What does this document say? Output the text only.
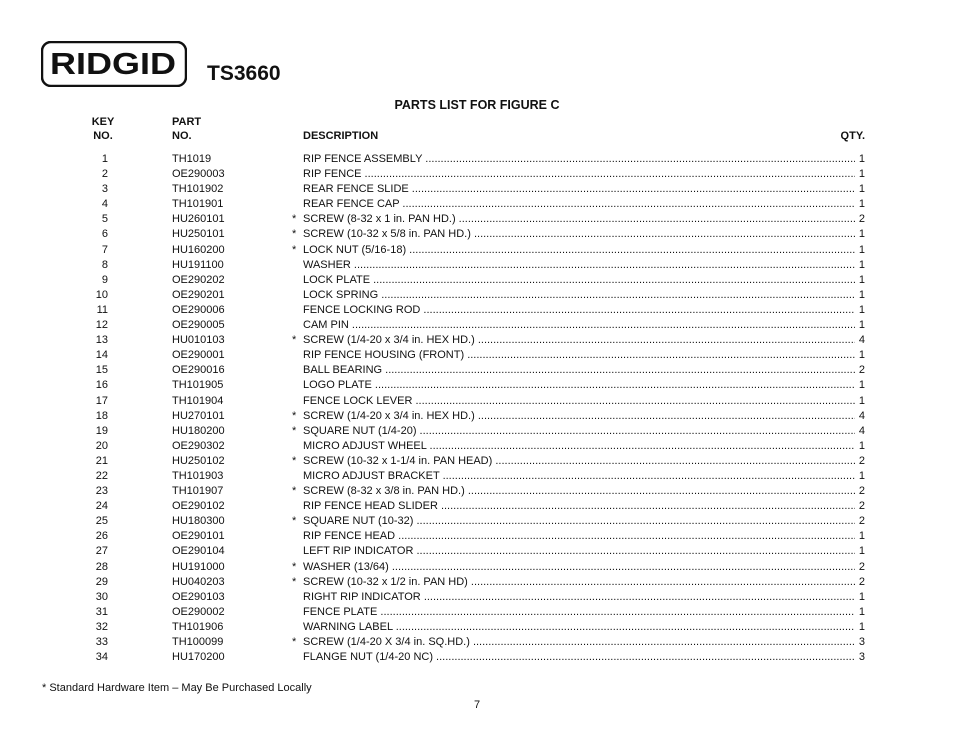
RIDGID TS3660
PARTS LIST FOR FIGURE C
KEY
NO.
PART
NO.	DESCRIPTION	QTY.
1	TH1019	RIP FENCE ASSEMBLY .....	1
2	OE290003	RIP FENCE .....	1
3	TH101902	REAR FENCE SLIDE .....	1
4	TH101901	REAR FENCE CAP .....	1
5	HU260101	* SCREW (8-32 x 1 in. PAN HD.) .....	2
6	HU250101	* SCREW (10-32 x 5/8 in. PAN HD.) .....	1
7	HU160200	* LOCK NUT (5/16-18) .....	1
8	HU191100	WASHER .....	1
9	OE290202	LOCK PLATE .....	1
10	OE290201	LOCK SPRING .....	1
11	OE290006	FENCE LOCKING ROD .....	1
12	OE290005	CAM PIN .....	1
13	HU010103	* SCREW (1/4-20 x 3/4 in. HEX HD.) .....	4
14	OE290001	RIP FENCE HOUSING (FRONT) .....	1
15	OE290016	BALL BEARING .....	2
16	TH101905	LOGO PLATE .....	1
17	TH101904	FENCE LOCK LEVER .....	1
18	HU270101	* SCREW (1/4-20 x 3/4 in. HEX HD.) .....	4
19	HU180200	* SQUARE NUT (1/4-20) .....	4
20	OE290302	MICRO ADJUST WHEEL .....	1
21	HU250102	* SCREW (10-32 x 1-1/4 in. PAN HEAD) .....	2
22	TH101903	MICRO ADJUST BRACKET .....	1
23	TH101907	* SCREW (8-32 x 3/8 in. PAN HD.) .....	2
24	OE290102	RIP FENCE HEAD SLIDER .....	2
25	HU180300	* SQUARE NUT (10-32) .....	2
26	OE290101	RIP FENCE HEAD .....	1
27	OE290104	LEFT RIP INDICATOR .....	1
28	HU191000	* WASHER (13/64) .....	2
29	HU040203	* SCREW (10-32 x 1/2 in. PAN HD) .....	2
30	OE290103	RIGHT RIP INDICATOR .....	1
31	OE290002	FENCE PLATE .....	1
32	TH101906	WARNING LABEL .....	1
33	TH100099	* SCREW (1/4-20 X 3/4 in. SQ.HD.) .....	3
34	HU170200	FLANGE NUT (1/4-20 NC) .....	3
* Standard Hardware Item – May Be Purchased Locally
7
